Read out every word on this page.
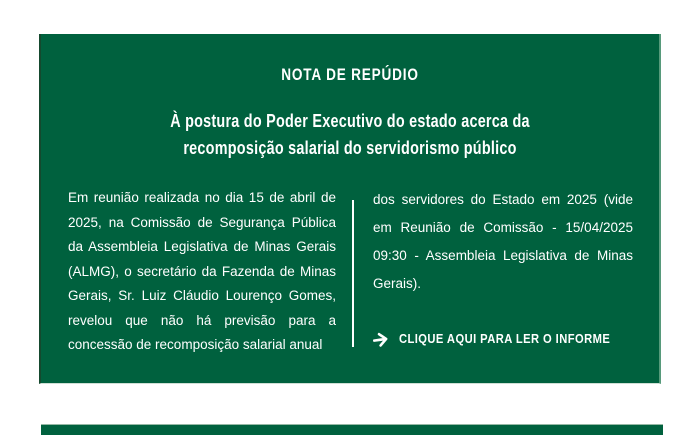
NOTA DE REPÚDIO
À postura do Poder Executivo do estado acerca da
recomposição salarial do servidorismo público

Em reunião realizada no dia 15 de abril de 2025, na Comissão de Segurança Pública da Assembleia Legislativa de Minas Gerais (ALMG), o secretário da Fazenda de Minas Gerais, Sr. Luiz Cláudio Lourenço Gomes, revelou que não há previsão para a concessão de recomposição salarial anual

dos servidores do Estado em 2025 (vide em Reunião de Comissão - 15/04/2025 09:30 - Assembleia Legislativa de Minas Gerais).

CLIQUE AQUI PARA LER O INFORME
